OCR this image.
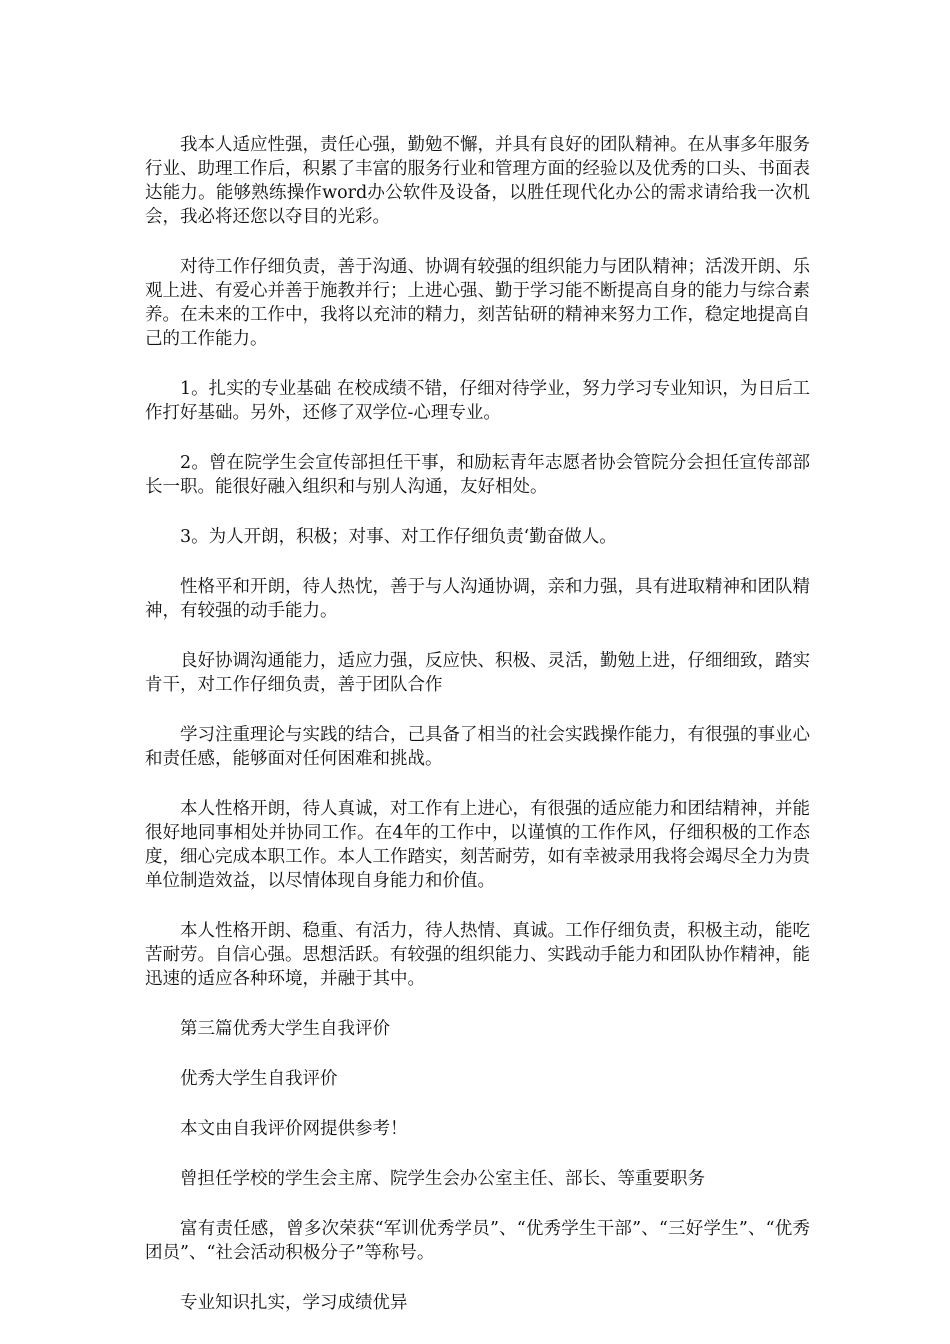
我本人适应性强，责任心强，勤勉不懈，并具有良好的团队精神。在从事多年服务行业、助理工作后，积累了丰富的服务行业和管理方面的经验以及优秀的口头、书面表达能力。能够熟练操作word办公软件及设备，以胜任现代化办公的需求请给我一次机会，我必将还您以夺目的光彩。

对待工作仔细负责，善于沟通、协调有较强的组织能力与团队精神；活泼开朗、乐观上进、有爱心并善于施教并行；上进心强、勤于学习能不断提高自身的能力与综合素养。在未来的工作中，我将以充沛的精力，刻苦钻研的精神来努力工作，稳定地提高自己的工作能力。

1。扎实的专业基础 在校成绩不错，仔细对待学业，努力学习专业知识，为日后工作打好基础。另外，还修了双学位-心理专业。

2。曾在院学生会宣传部担任干事，和励耘青年志愿者协会管院分会担任宣传部部长一职。能很好融入组织和与别人沟通，友好相处。

3。为人开朗，积极；对事、对工作仔细负责‘勤奋做人。

性格平和开朗，待人热忱，善于与人沟通协调，亲和力强，具有进取精神和团队精神，有较强的动手能力。

良好协调沟通能力，适应力强，反应快、积极、灵活，勤勉上进，仔细细致，踏实肯干，对工作仔细负责，善于团队合作

学习注重理论与实践的结合，己具备了相当的社会实践操作能力，有很强的事业心和责任感，能够面对任何困难和挑战。

本人性格开朗，待人真诚，对工作有上进心，有很强的适应能力和团结精神，并能很好地同事相处并协同工作。在4年的工作中，以谨慎的工作作风，仔细积极的工作态度，细心完成本职工作。本人工作踏实，刻苦耐劳，如有幸被录用我将会竭尽全力为贵单位制造效益，以尽情体现自身能力和价值。

本人性格开朗、稳重、有活力，待人热情、真诚。工作仔细负责，积极主动，能吃苦耐劳。自信心强。思想活跃。有较强的组织能力、实践动手能力和团队协作精神，能迅速的适应各种环境，并融于其中。

第三篇优秀大学生自我评价

优秀大学生自我评价

本文由自我评价网提供参考！

曾担任学校的学生会主席、院学生会办公室主任、部长、等重要职务

富有责任感，曾多次荣获“军训优秀学员”、“优秀学生干部”、“三好学生”、“优秀团员”、“社会活动积极分子”等称号。

专业知识扎实，学习成绩优异
